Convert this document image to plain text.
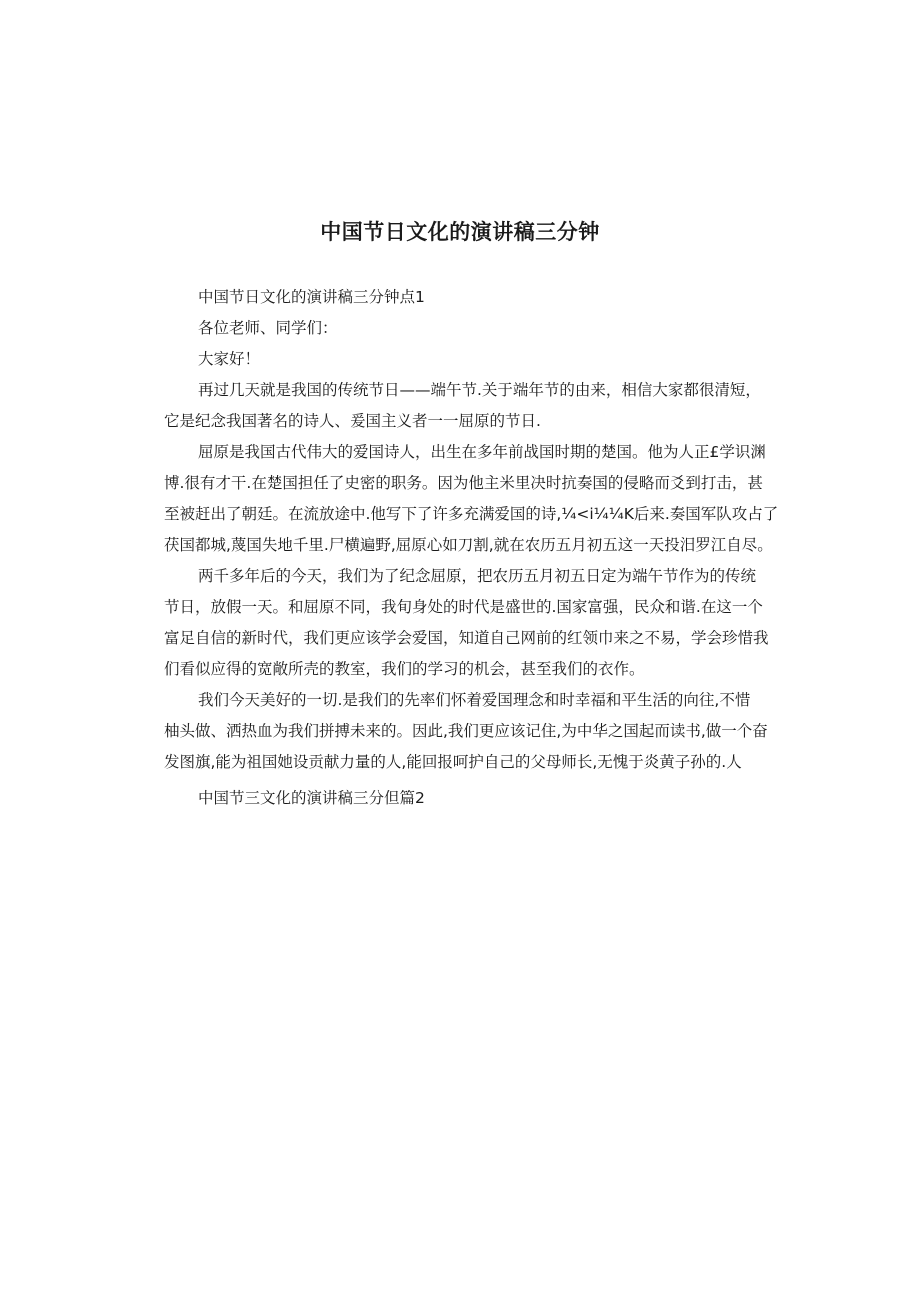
中国节日文化的演讲稿三分钟

中国节日文化的演讲稿三分钟点1

各位老师、同学们：

大家好！

再过几天就是我国的传统节日——端午节.关于端年节的由来，相信大家都很清短，

它是纪念我国著名的诗人、爰国主义者一一屈原的节日.

屈原是我国古代伟大的爱国诗人，出生在多年前战国时期的楚国。他为人正£学识渊

博.很有才干.在楚国担任了史密的职务。因为他主米里决时抗奏国的侵略而爻到打击，甚

至被赶出了朝廷。在流放途中.他写下了许多充满爱国的诗,¼<i¼¼K后来.奏国军队攻占了

茯国都城,蔑国失地千里.尸横遍野,屈原心如刀割,就在农历五月初五这一天投汨罗江自尽。

两千多年后的今天，我们为了纪念屈原，把农历五月初五日定为端午节作为的传统

节日，放假一天。和屈原不同，我旬身处的时代是盛世的.国家富强，民众和谐.在这一个

富足自信的新时代，我们更应该学会爱国，知道自己网前的红领巾来之不易，学会珍惜我

们看似应得的宽敞所壳的教室，我们的学习的机会，甚至我们的衣作。

我们今天美好的一切.是我们的先率们怀着爱国理念和时幸福和平生活的向往,不惜

柚头做、洒热血为我们拼搏未来的。因此,我们更应该记住,为中华之国起而读书,做一个奋

发图旗,能为祖国她设贡献力量的人,能回报呵护自己的父母师长,无愧于炎黄子孙的.人

中国节三文化的演讲稿三分但篇2
